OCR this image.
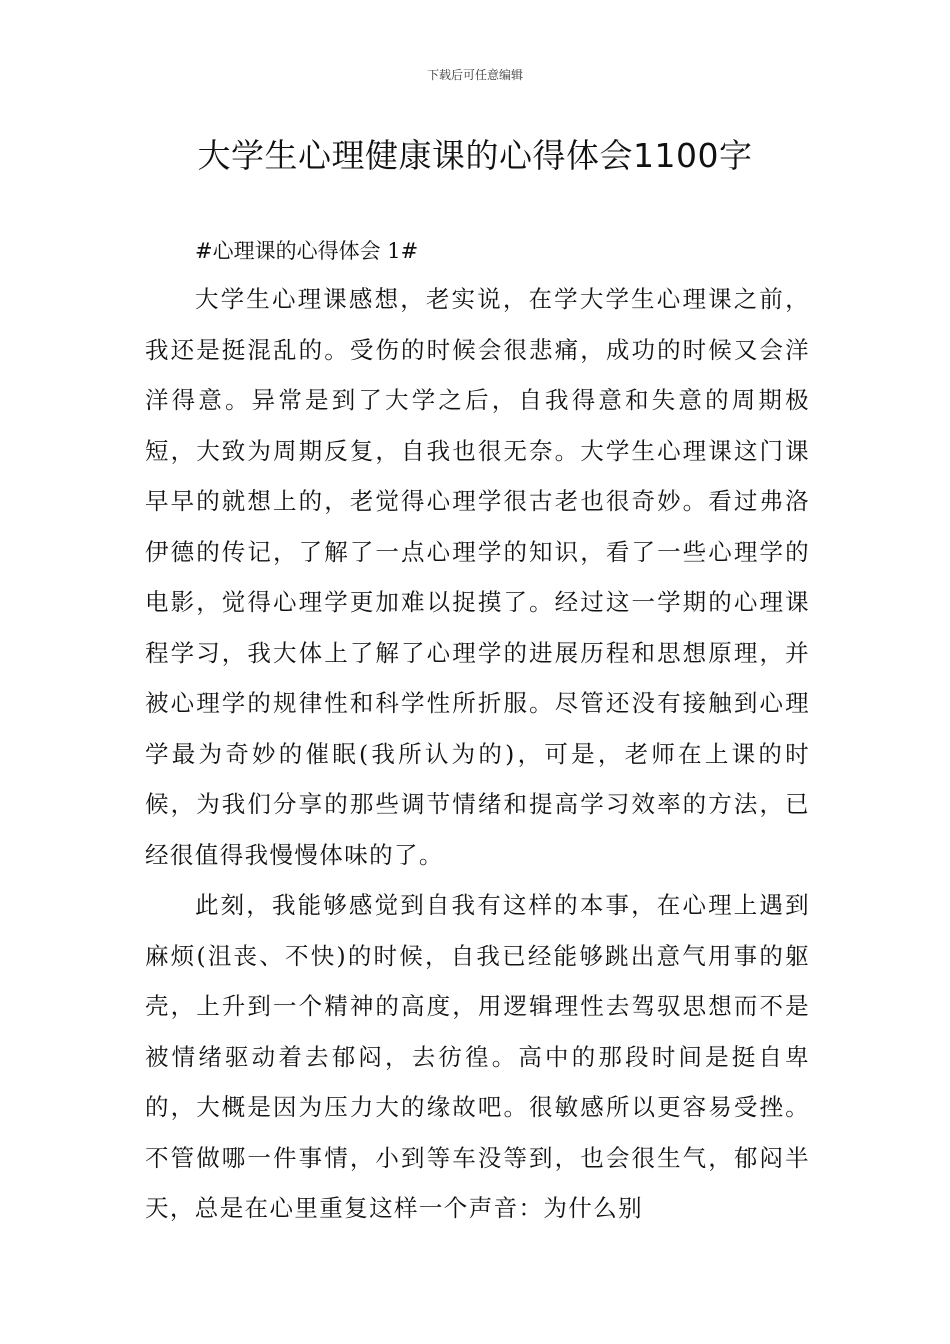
下载后可任意编辑
大学生心理健康课的心得体会1100字

#心理课的心得体会 1#

大学生心理课感想，老实说，在学大学生心理课之前，我还是挺混乱的。受伤的时候会很悲痛，成功的时候又会洋洋得意。异常是到了大学之后，自我得意和失意的周期极短，大致为周期反复，自我也很无奈。大学生心理课这门课早早的就想上的，老觉得心理学很古老也很奇妙。看过弗洛伊德的传记，了解了一点心理学的知识，看了一些心理学的电影，觉得心理学更加难以捉摸了。经过这一学期的心理课程学习，我大体上了解了心理学的进展历程和思想原理，并被心理学的规律性和科学性所折服。尽管还没有接触到心理学最为奇妙的催眠(我所认为的)，可是，老师在上课的时候，为我们分享的那些调节情绪和提高学习效率的方法，已经很值得我慢慢体味的了。

此刻，我能够感觉到自我有这样的本事，在心理上遇到麻烦(沮丧、不快)的时候，自我已经能够跳出意气用事的躯壳，上升到一个精神的高度，用逻辑理性去驾驭思想而不是被情绪驱动着去郁闷，去彷徨。高中的那段时间是挺自卑的，大概是因为压力大的缘故吧。很敏感所以更容易受挫。不管做哪一件事情，小到等车没等到，也会很生气，郁闷半天，总是在心里重复这样一个声音：为什么别
